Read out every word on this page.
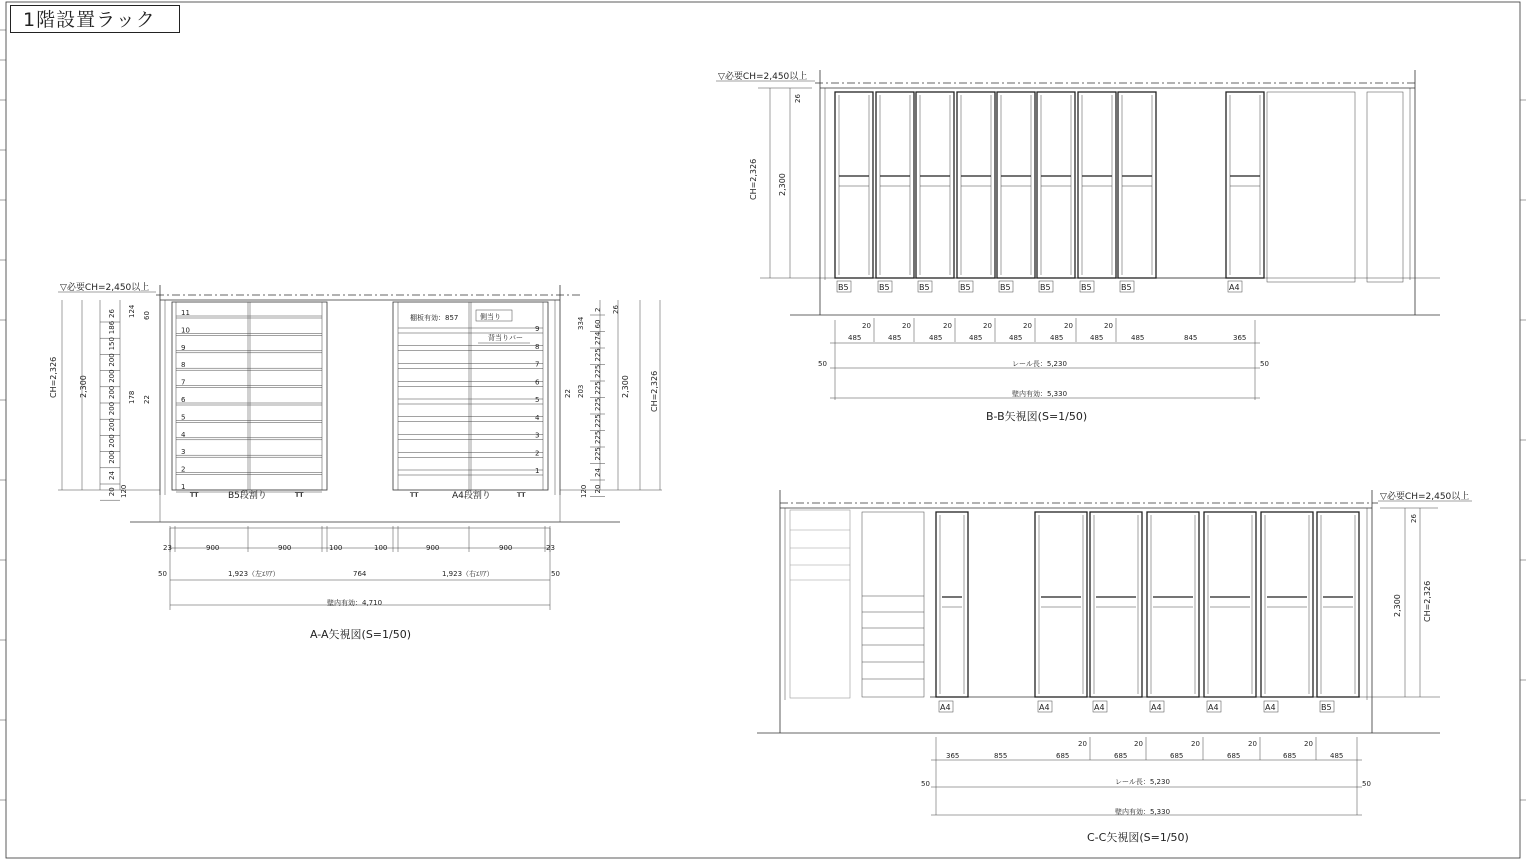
▽必要CH=2,450以上
11
10
9
8
7
6
5
4
3
2
1
9
8
7
6
5
4
3
2
1
B5段割り	A4段割り
棚板有効：857	側当り
背当りバー
┰┰	┰┰	┰┰	┰┰
CH=2,326	2,300
26
186
150
200
200
200
200
200
200
200
24
20
124 60
178 22
120
2,300	CH=2,326
2
60
274
225
225
225
225
225
225
225
24
20
26
334
22 203
120
23	900	900	100	100	900	900	23
50	1,923（左ｴﾘｱ）	764	1,923（右ｴﾘｱ）	50
壁内有効：4,710
A-A矢視図(S=1/50)
▽必要CH=2,450以上
B5	B5	B5	B5	B5	B5	B5	B5	A4
CH=2,326	2,300
26
20	20	20	20	20	20	20
485	485	485	485	485	485	485	485	845	365
50	50
レール長：5,230
壁内有効：5,330
B-B矢視図(S=1/50)
▽必要CH=2,450以上
A4	A4	A4	A4	A4	A4	B5
2,300	CH=2,326
26
20	20	20	20	20
365	855	685	685	685	685	685	485
50	50
レール長：5,230
壁内有効：5,330
C-C矢視図(S=1/50)
1階設置ラック
